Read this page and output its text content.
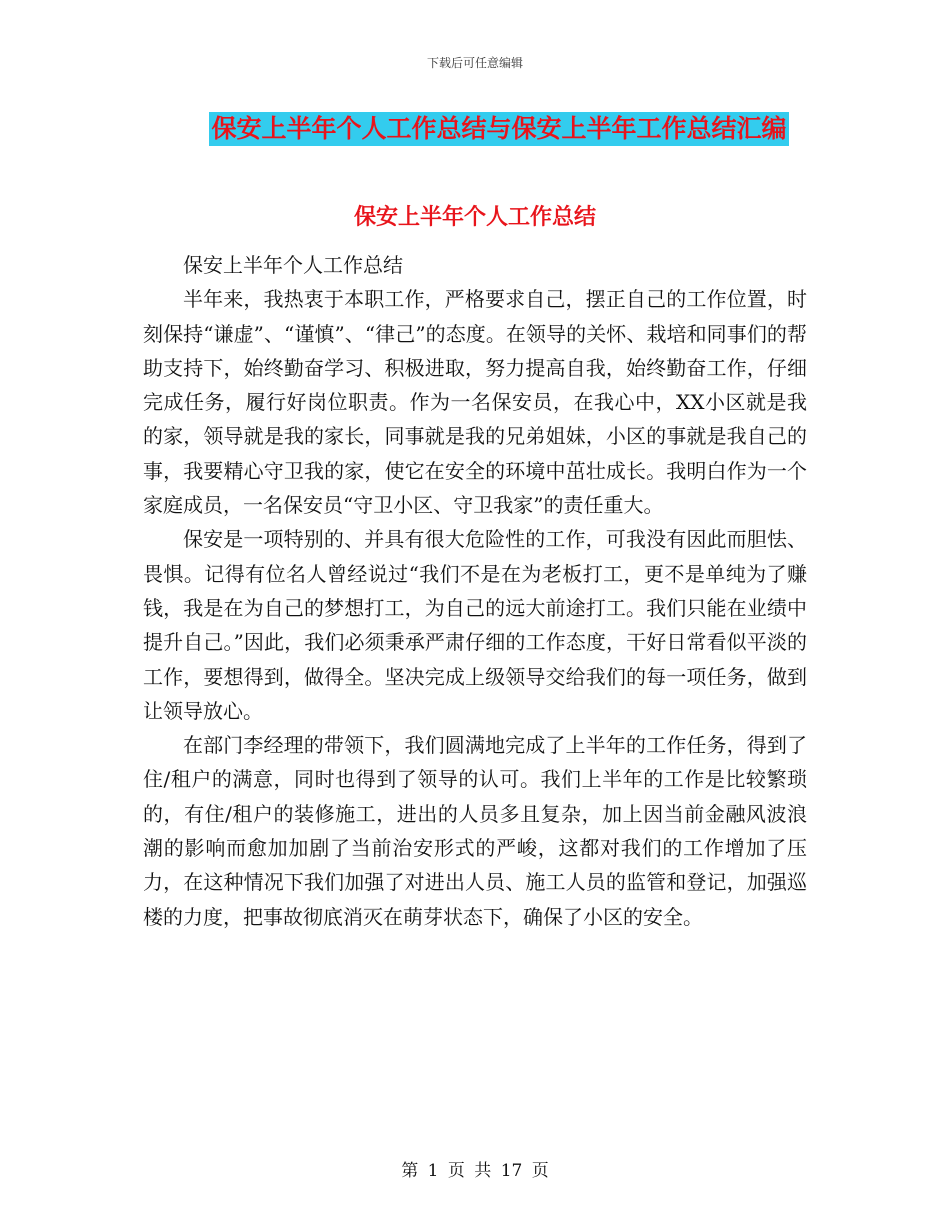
下载后可任意编辑
保安上半年个人工作总结与保安上半年工作总结汇编
保安上半年个人工作总结

保安上半年个人工作总结

半年来，我热衷于本职工作，严格要求自己，摆正自己的工作位置，时刻保持“谦虚”、“谨慎”、“律己”的态度。在领导的关怀、栽培和同事们的帮助支持下，始终勤奋学习、积极进取，努力提高自我，始终勤奋工作，仔细完成任务，履行好岗位职责。作为一名保安员，在我心中，XX小区就是我的家，领导就是我的家长，同事就是我的兄弟姐妹，小区的事就是我自己的事，我要精心守卫我的家，使它在安全的环境中茁壮成长。我明白作为一个家庭成员，一名保安员“守卫小区、守卫我家”的责任重大。

保安是一项特别的、并具有很大危险性的工作，可我没有因此而胆怯、畏惧。记得有位名人曾经说过“我们不是在为老板打工，更不是单纯为了赚钱，我是在为自己的梦想打工，为自己的远大前途打工。我们只能在业绩中提升自己。”因此，我们必须秉承严肃仔细的工作态度，干好日常看似平淡的工作，要想得到，做得全。坚决完成上级领导交给我们的每一项任务，做到让领导放心。

在部门李经理的带领下，我们圆满地完成了上半年的工作任务，得到了住/租户的满意，同时也得到了领导的认可。我们上半年的工作是比较繁琐的，有住/租户的装修施工，进出的人员多且复杂，加上因当前金融风波浪潮的影响而愈加加剧了当前治安形式的严峻，这都对我们的工作增加了压力，在这种情况下我们加强了对进出人员、施工人员的监管和登记，加强巡楼的力度，把事故彻底消灭在萌芽状态下，确保了小区的安全。

第 1 页 共 17 页
